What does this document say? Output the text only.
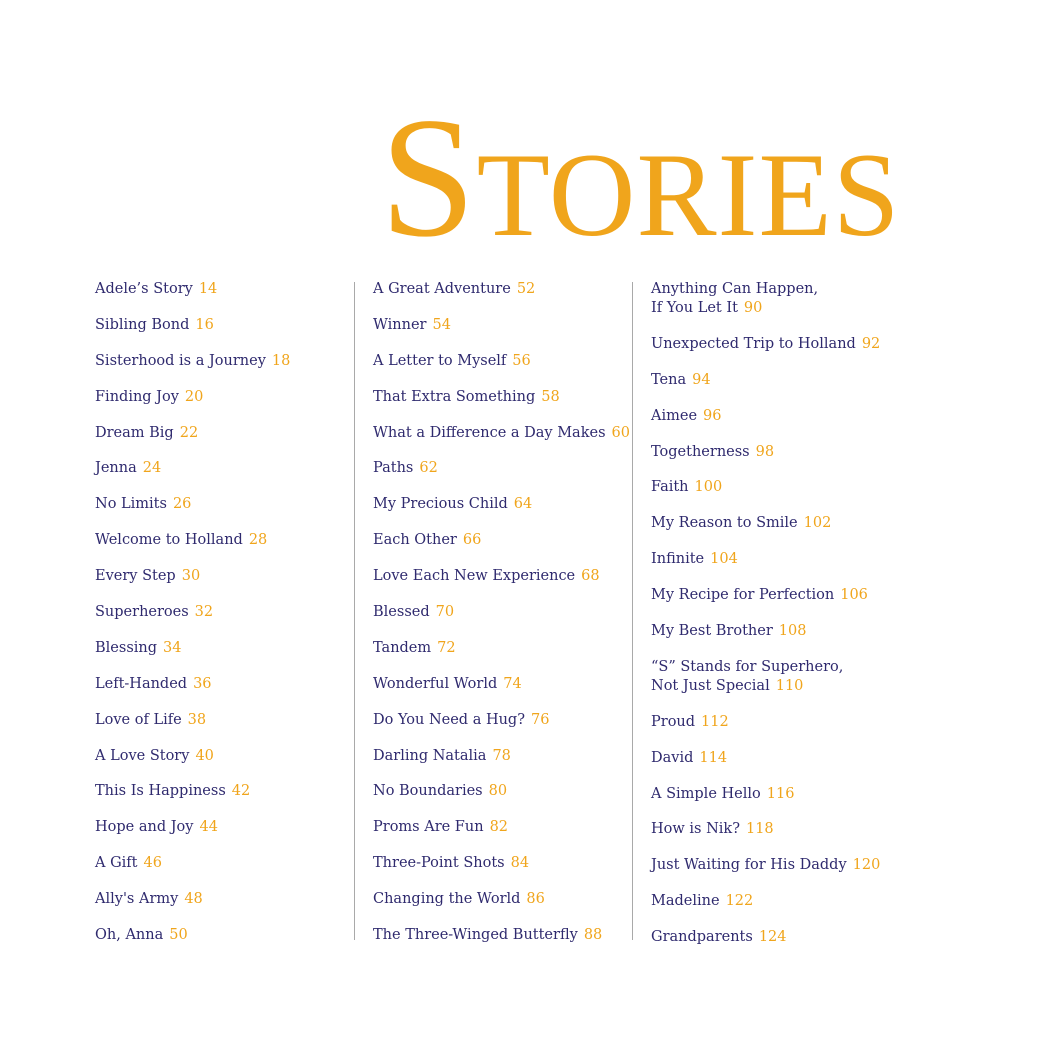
Stories
Adele’s Story 14
Sibling Bond 16
Sisterhood is a Journey 18
Finding Joy 20
Dream Big 22
Jenna 24
No Limits 26
Welcome to Holland 28
Every Step 30
Superheroes 32
Blessing 34
Left-Handed 36
Love of Life 38
A Love Story 40
This Is Happiness 42
Hope and Joy 44
A Gift 46
Ally's Army 48
Oh, Anna 50
A Great Adventure 52
Winner 54
A Letter to Myself 56
That Extra Something 58
What a Difference a Day Makes 60
Paths 62
My Precious Child 64
Each Other 66
Love Each New Experience 68
Blessed 70
Tandem 72
Wonderful World 74
Do You Need a Hug? 76
Darling Natalia 78
No Boundaries 80
Proms Are Fun 82
Three-Point Shots 84
Changing the World 86
The Three-Winged Butterfly 88
Anything Can Happen,
If You Let It 90
Unexpected Trip to Holland 92
Tena 94
Aimee 96
Togetherness 98
Faith 100
My Reason to Smile 102
Infinite 104
My Recipe for Perfection 106
My Best Brother 108
“S” Stands for Superhero,
Not Just Special 110
Proud 112
David 114
A Simple Hello 116
How is Nik? 118
Just Waiting for His Daddy 120
Madeline 122
Grandparents 124
